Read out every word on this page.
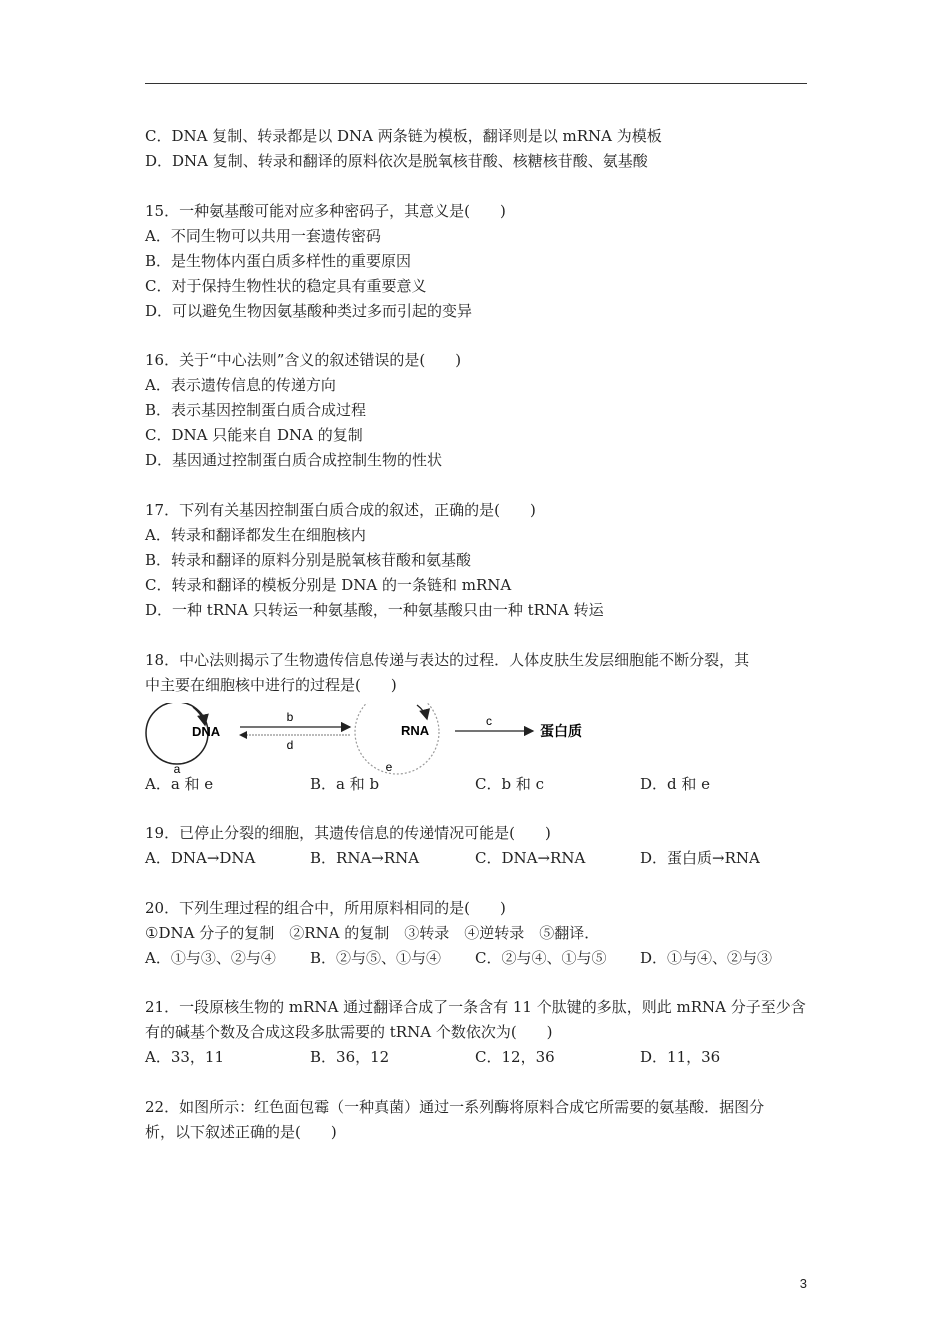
C．DNA 复制、转录都是以 DNA 两条链为模板，翻译则是以 mRNA 为模板
D．DNA 复制、转录和翻译的原料依次是脱氧核苷酸、核糖核苷酸、氨基酸
15．一种氨基酸可能对应多种密码子，其意义是(　　)
A．不同生物可以共用一套遗传密码
B．是生物体内蛋白质多样性的重要原因
C．对于保持生物性状的稳定具有重要意义
D．可以避免生物因氨基酸种类过多而引起的变异
16．关于“中心法则”含义的叙述错误的是(　　)
A．表示遗传信息的传递方向
B．表示基因控制蛋白质合成过程
C．DNA 只能来自 DNA 的复制
D．基因通过控制蛋白质合成控制生物的性状
17．下列有关基因控制蛋白质合成的叙述，正确的是(　　)
A．转录和翻译都发生在细胞核内
B．转录和翻译的原料分别是脱氧核苷酸和氨基酸
C．转录和翻译的模板分别是 DNA 的一条链和 mRNA
D．一种 tRNA 只转运一种氨基酸，一种氨基酸只由一种 tRNA 转运
18．中心法则揭示了生物遗传信息传递与表达的过程．人体皮肤生发层细胞能不断分裂，其
中主要在细胞核中进行的过程是(　　)
DNA
a
b
d
RNA
e
c
蛋白质
A．a 和 e	B．a 和 b	C．b 和 c	D．d 和 e
19．已停止分裂的细胞，其遗传信息的传递情况可能是(　　)
A．DNA→DNA	B．RNA→RNA	C．DNA→RNA	D．蛋白质→RNA
20．下列生理过程的组合中，所用原料相同的是(　　)
①DNA 分子的复制　②RNA 的复制　③转录　④逆转录　⑤翻译．
A．①与③、②与④ B．②与⑤、①与④ C．②与④、①与⑤ D．①与④、②与③
21．一段原核生物的 mRNA 通过翻译合成了一条含有 11 个肽键的多肽，则此 mRNA 分子至少含
有的碱基个数及合成这段多肽需要的 tRNA 个数依次为(　　)
A．33，11	B．36，12	C．12，36	D．11，36
22．如图所示：红色面包霉（一种真菌）通过一系列酶将原料合成它所需要的氨基酸．据图分
析，以下叙述正确的是(　　)
3
